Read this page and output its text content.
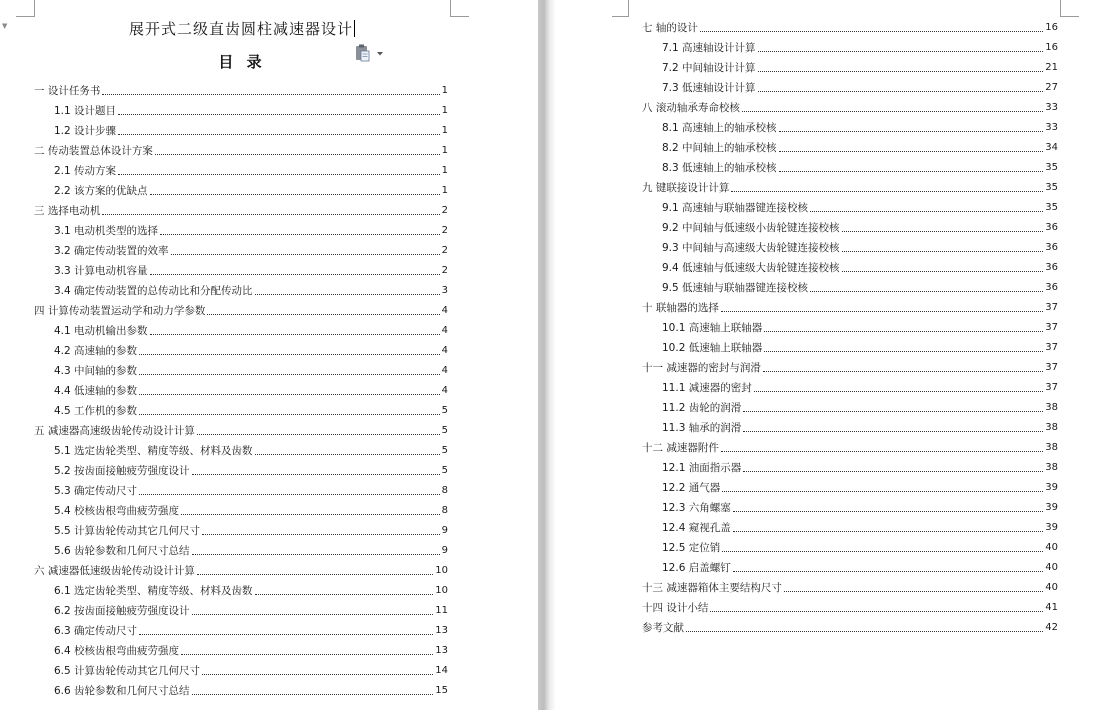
▼	展开式二级直齿圆柱减速器设计
目 录
一 设计任务书	1
1.1 设计题目	1
1.2 设计步骤	1
二 传动装置总体设计方案	1
2.1 传动方案	1
2.2 该方案的优缺点	1
三 选择电动机	2
3.1 电动机类型的选择	2
3.2 确定传动装置的效率	2
3.3 计算电动机容量	2
3.4 确定传动装置的总传动比和分配传动比	3
四 计算传动装置运动学和动力学参数	4
4.1 电动机输出参数	4
4.2 高速轴的参数	4
4.3 中间轴的参数	4
4.4 低速轴的参数	4
4.5 工作机的参数	5
五 减速器高速级齿轮传动设计计算	5
5.1 选定齿轮类型、精度等级、材料及齿数	5
5.2 按齿面接触疲劳强度设计	5
5.3 确定传动尺寸	8
5.4 校核齿根弯曲疲劳强度	8
5.5 计算齿轮传动其它几何尺寸	9
5.6 齿轮参数和几何尺寸总结	9
六 减速器低速级齿轮传动设计计算	10
6.1 选定齿轮类型、精度等级、材料及齿数	10
6.2 按齿面接触疲劳强度设计	11
6.3 确定传动尺寸	13
6.4 校核齿根弯曲疲劳强度	13
6.5 计算齿轮传动其它几何尺寸	14
6.6 齿轮参数和几何尺寸总结	15
七 轴的设计	16
7.1 高速轴设计计算	16
7.2 中间轴设计计算	21
7.3 低速轴设计计算	27
八 滚动轴承寿命校核	33
8.1 高速轴上的轴承校核	33
8.2 中间轴上的轴承校核	34
8.3 低速轴上的轴承校核	35
九 键联接设计计算	35
9.1 高速轴与联轴器键连接校核	35
9.2 中间轴与低速级小齿轮键连接校核	36
9.3 中间轴与高速级大齿轮键连接校核	36
9.4 低速轴与低速级大齿轮键连接校核	36
9.5 低速轴与联轴器键连接校核	36
十 联轴器的选择	37
10.1 高速轴上联轴器	37
10.2 低速轴上联轴器	37
十一 减速器的密封与润滑	37
11.1 减速器的密封	37
11.2 齿轮的润滑	38
11.3 轴承的润滑	38
十二 减速器附件	38
12.1 油面指示器	38
12.2 通气器	39
12.3 六角螺塞	39
12.4 窥视孔盖	39
12.5 定位销	40
12.6 启盖螺钉	40
十三 减速器箱体主要结构尺寸	40
十四 设计小结	41
参考文献	42
